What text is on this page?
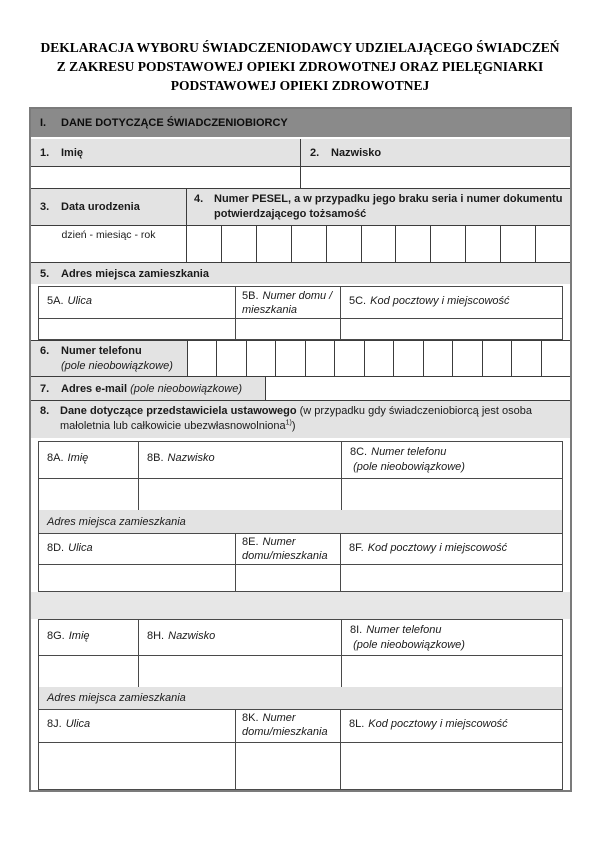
DEKLARACJA WYBORU ŚWIADCZENIODAWCY UDZIELAJĄCEGO ŚWIADCZEŃ
Z ZAKRESU PODSTAWOWEJ OPIEKI ZDROWOTNEJ ORAZ PIELĘGNIARKI
PODSTAWOWEJ OPIEKI ZDROWOTNEJ
I.	DANE DOTYCZĄCE ŚWIADCZENIOBIORCY
1.	Imię	2.	Nazwisko
3.	Data urodzenia
4. Numer PESEL, a w przypadku jego braku seria i numer dokumentu potwierdzającego tożsamość
dzień - miesiąc - rok
5.	Adres miejsca zamieszkania
5A. Ulica	5B. Numer domu / mieszkania
5C. Kod pocztowy i miejscowość
6.	Numer telefonu
(pole nieobowiązkowe)
7.	Adres e-mail
(pole nieobowiązkowe)
8. Dane dotyczące przedstawiciela ustawowego (w przypadku gdy świadczeniobiorcą jest osoba małoletnia lub całkowicie ubezwłasnowolniona$^{1)}$)
8A. Imię	8B. Nazwisko	8C. Numer telefonu
(pole nieobowiązkowe)
Adres miejsca zamieszkania
8D. Ulica	8E. Numer domu/mieszkania
8F. Kod pocztowy i miejscowość
8G. Imię	8H. Nazwisko	8I. Numer telefonu
(pole nieobowiązkowe)
Adres miejsca zamieszkania
8J. Ulica	8K. Numer domu/mieszkania
8L. Kod pocztowy i miejscowość
